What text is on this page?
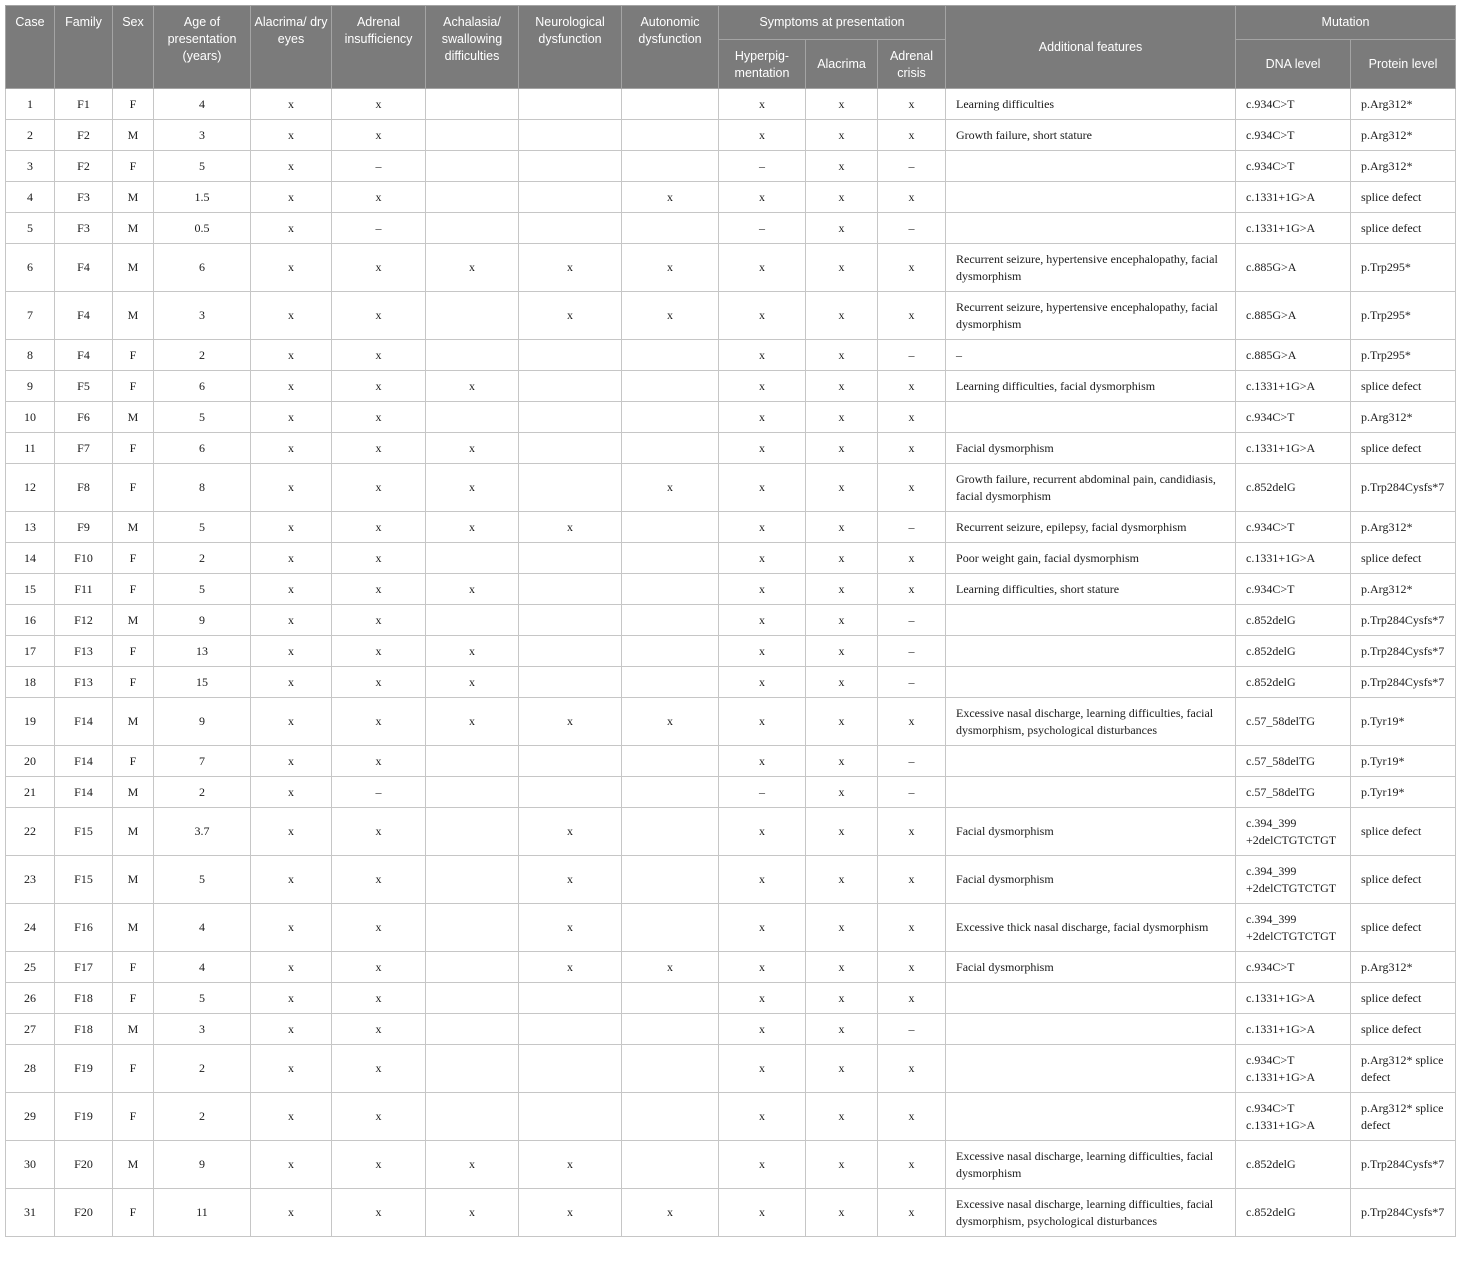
Case	Family	Sex	Age of presentation (years)	Alacrima/ dry eyes	Adrenal insufficiency	Achalasia/ swallowing difficulties	Neurological dysfunction	Autonomic dysfunction	Symptoms at presentation			Additional features	Mutation	
									Hyperpig-mentation	Alacrima	Adrenal crisis		DNA level	Protein level
1	F1	F	4	x	x				x	x	x	Learning difficulties	c.934C>T	p.Arg312*
2	F2	M	3	x	x				x	x	x	Growth failure, short stature	c.934C>T	p.Arg312*
3	F2	F	5	x	–				–	x	–		c.934C>T	p.Arg312*
4	F3	M	1.5	x	x			x	x	x	x		c.1331+1G>A	splice defect
5	F3	M	0.5	x	–				–	x	–		c.1331+1G>A	splice defect
6	F4	M	6	x	x	x	x	x	x	x	x	Recurrent seizure, hypertensive encephalopathy, facial dysmorphism	c.885G>A	p.Trp295*
7	F4	M	3	x	x		x	x	x	x	x	Recurrent seizure, hypertensive encephalopathy, facial dysmorphism	c.885G>A	p.Trp295*
8	F4	F	2	x	x				x	x	–	–	c.885G>A	p.Trp295*
9	F5	F	6	x	x	x			x	x	x	Learning difficulties, facial dysmorphism	c.1331+1G>A	splice defect
10	F6	M	5	x	x				x	x	x		c.934C>T	p.Arg312*
11	F7	F	6	x	x	x			x	x	x	Facial dysmorphism	c.1331+1G>A	splice defect
12	F8	F	8	x	x	x		x	x	x	x	Growth failure, recurrent abdominal pain, candidiasis, facial dysmorphism	c.852delG	p.Trp284Cysfs*7
13	F9	M	5	x	x	x	x		x	x	–	Recurrent seizure, epilepsy, facial dysmorphism	c.934C>T	p.Arg312*
14	F10	F	2	x	x				x	x	x	Poor weight gain, facial dysmorphism	c.1331+1G>A	splice defect
15	F11	F	5	x	x	x			x	x	x	Learning difficulties, short stature	c.934C>T	p.Arg312*
16	F12	M	9	x	x				x	x	–		c.852delG	p.Trp284Cysfs*7
17	F13	F	13	x	x	x			x	x	–		c.852delG	p.Trp284Cysfs*7
18	F13	F	15	x	x	x			x	x	–		c.852delG	p.Trp284Cysfs*7
19	F14	M	9	x	x	x	x	x	x	x	x	Excessive nasal discharge, learning difficulties, facial dysmorphism, psychological disturbances	c.57_58delTG	p.Tyr19*
20	F14	F	7	x	x				x	x	–		c.57_58delTG	p.Tyr19*
21	F14	M	2	x	–				–	x	–		c.57_58delTG	p.Tyr19*
22	F15	M	3.7	x	x		x		x	x	x	Facial dysmorphism	c.394_399 +2delCTGTCTGT	splice defect
23	F15	M	5	x	x		x		x	x	x	Facial dysmorphism	c.394_399 +2delCTGTCTGT	splice defect
24	F16	M	4	x	x		x		x	x	x	Excessive thick nasal discharge, facial dysmorphism	c.394_399 +2delCTGTCTGT	splice defect
25	F17	F	4	x	x		x	x	x	x	x	Facial dysmorphism	c.934C>T	p.Arg312*
26	F18	F	5	x	x				x	x	x		c.1331+1G>A	splice defect
27	F18	M	3	x	x				x	x	–		c.1331+1G>A	splice defect
28	F19	F	2	x	x				x	x	x		c.934C>T c.1331+1G>A	p.Arg312* splice defect
29	F19	F	2	x	x				x	x	x		c.934C>T c.1331+1G>A	p.Arg312* splice defect
30	F20	M	9	x	x	x	x		x	x	x	Excessive nasal discharge, learning difficulties, facial dysmorphism	c.852delG	p.Trp284Cysfs*7
31	F20	F	11	x	x	x	x	x	x	x	x	Excessive nasal discharge, learning difficulties, facial dysmorphism, psychological disturbances	c.852delG	p.Trp284Cysfs*7
